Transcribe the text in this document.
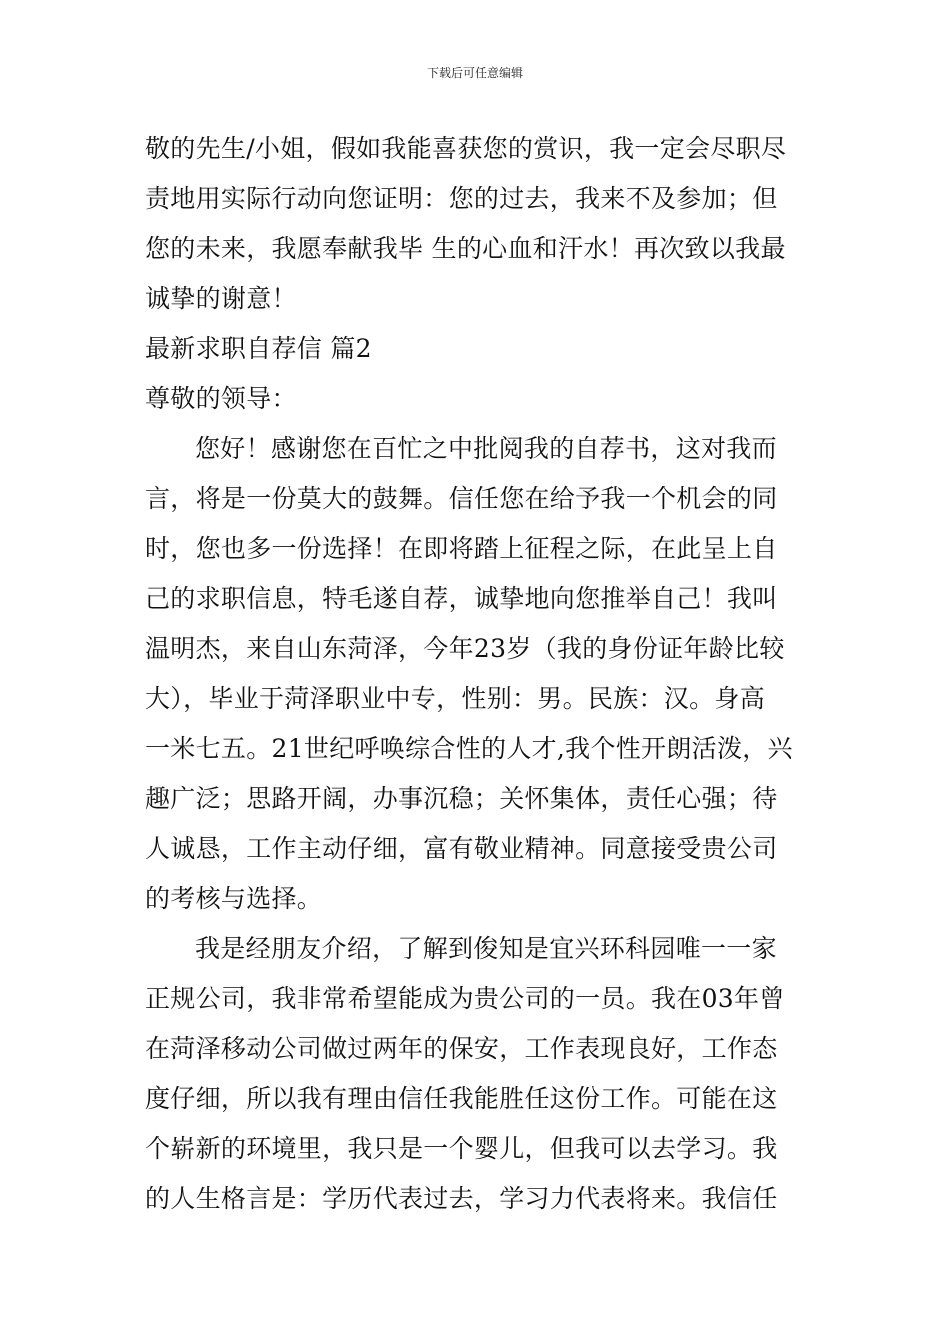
下载后可任意编辑
敬的先生/小姐，假如我能喜获您的赏识，我一定会尽职尽
责地用实际行动向您证明：您的过去，我来不及参加；但
您的未来，我愿奉献我毕 生的心血和汗水！再次致以我最
诚挚的谢意！
最新求职自荐信 篇2
尊敬的领导：
您好！感谢您在百忙之中批阅我的自荐书，这对我而
言，将是一份莫大的鼓舞。信任您在给予我一个机会的同
时，您也多一份选择！在即将踏上征程之际，在此呈上自
己的求职信息，特毛遂自荐，诚挚地向您推举自己！我叫
温明杰，来自山东菏泽，今年23岁（我的身份证年龄比较
大），毕业于菏泽职业中专，性别：男。民族：汉。身高
一米七五。21世纪呼唤综合性的人才,我个性开朗活泼，兴
趣广泛；思路开阔，办事沉稳；关怀集体，责任心强；待
人诚恳，工作主动仔细，富有敬业精神。同意接受贵公司
的考核与选择。
我是经朋友介绍，了解到俊知是宜兴环科园唯一一家
正规公司，我非常希望能成为贵公司的一员。我在03年曾
在菏泽移动公司做过两年的保安，工作表现良好，工作态
度仔细，所以我有理由信任我能胜任这份工作。可能在这
个崭新的环境里，我只是一个婴儿，但我可以去学习。我
的人生格言是：学历代表过去，学习力代表将来。我信任
